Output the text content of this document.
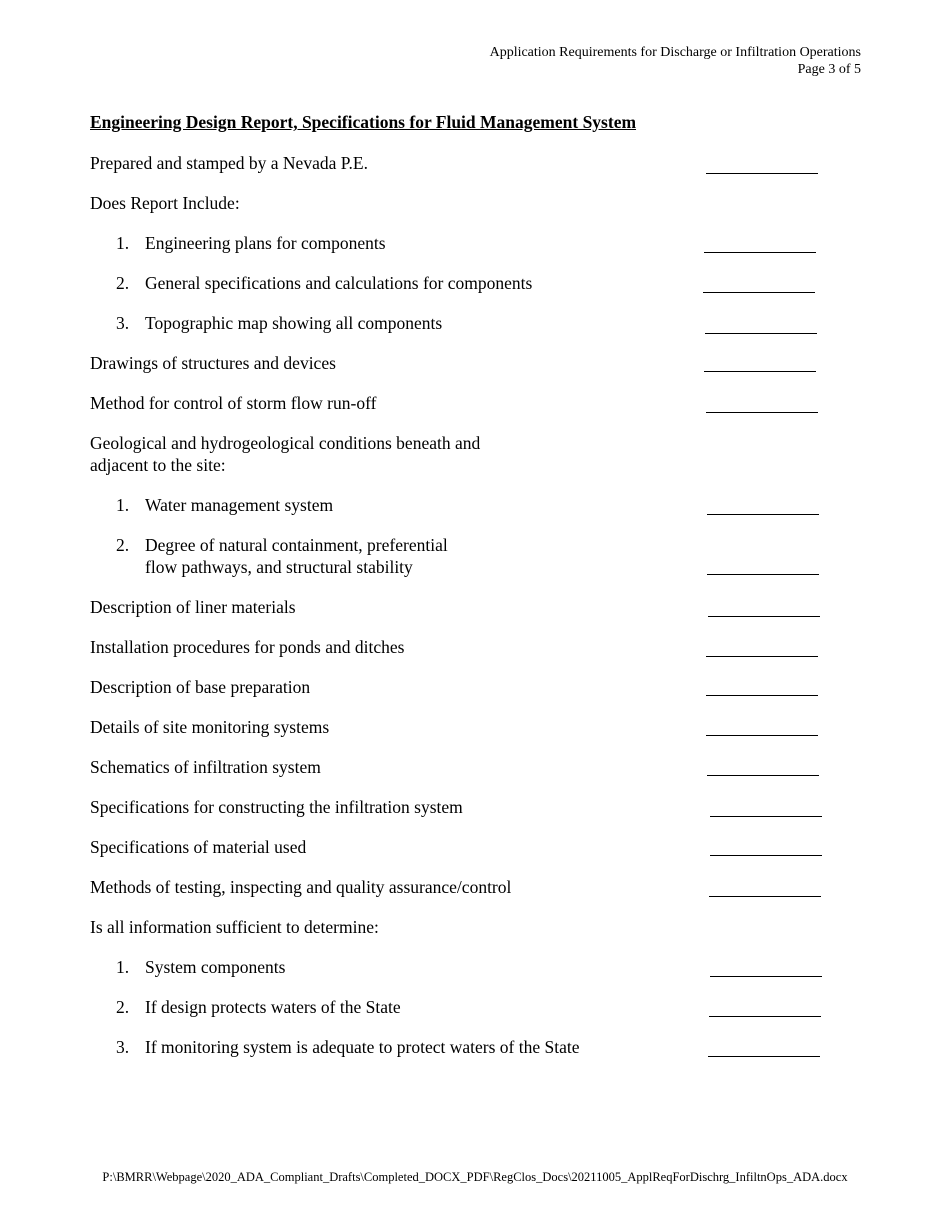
Application Requirements for Discharge or Infiltration Operations
Page 3 of 5
Engineering Design Report, Specifications for Fluid Management System
Prepared and stamped by a Nevada P.E.
Does Report Include:
1. Engineering plans for components
2. General specifications and calculations for components
3. Topographic map showing all components
Drawings of structures and devices
Method for control of storm flow run-off
Geological and hydrogeological conditions beneath and
adjacent to the site:
1. Water management system
2. Degree of natural containment, preferential
flow pathways, and structural stability
Description of liner materials
Installation procedures for ponds and ditches
Description of base preparation
Details of site monitoring systems
Schematics of infiltration system
Specifications for constructing the infiltration system
Specifications of material used
Methods of testing, inspecting and quality assurance/control
Is all information sufficient to determine:
1. System components
2. If design protects waters of the State
3. If monitoring system is adequate to protect waters of the State
P:\BMRR\Webpage\2020_ADA_Compliant_Drafts\Completed_DOCX_PDF\RegClos_Docs\20211005_ApplReqForDischrg_InfiltnOps_ADA.docx
